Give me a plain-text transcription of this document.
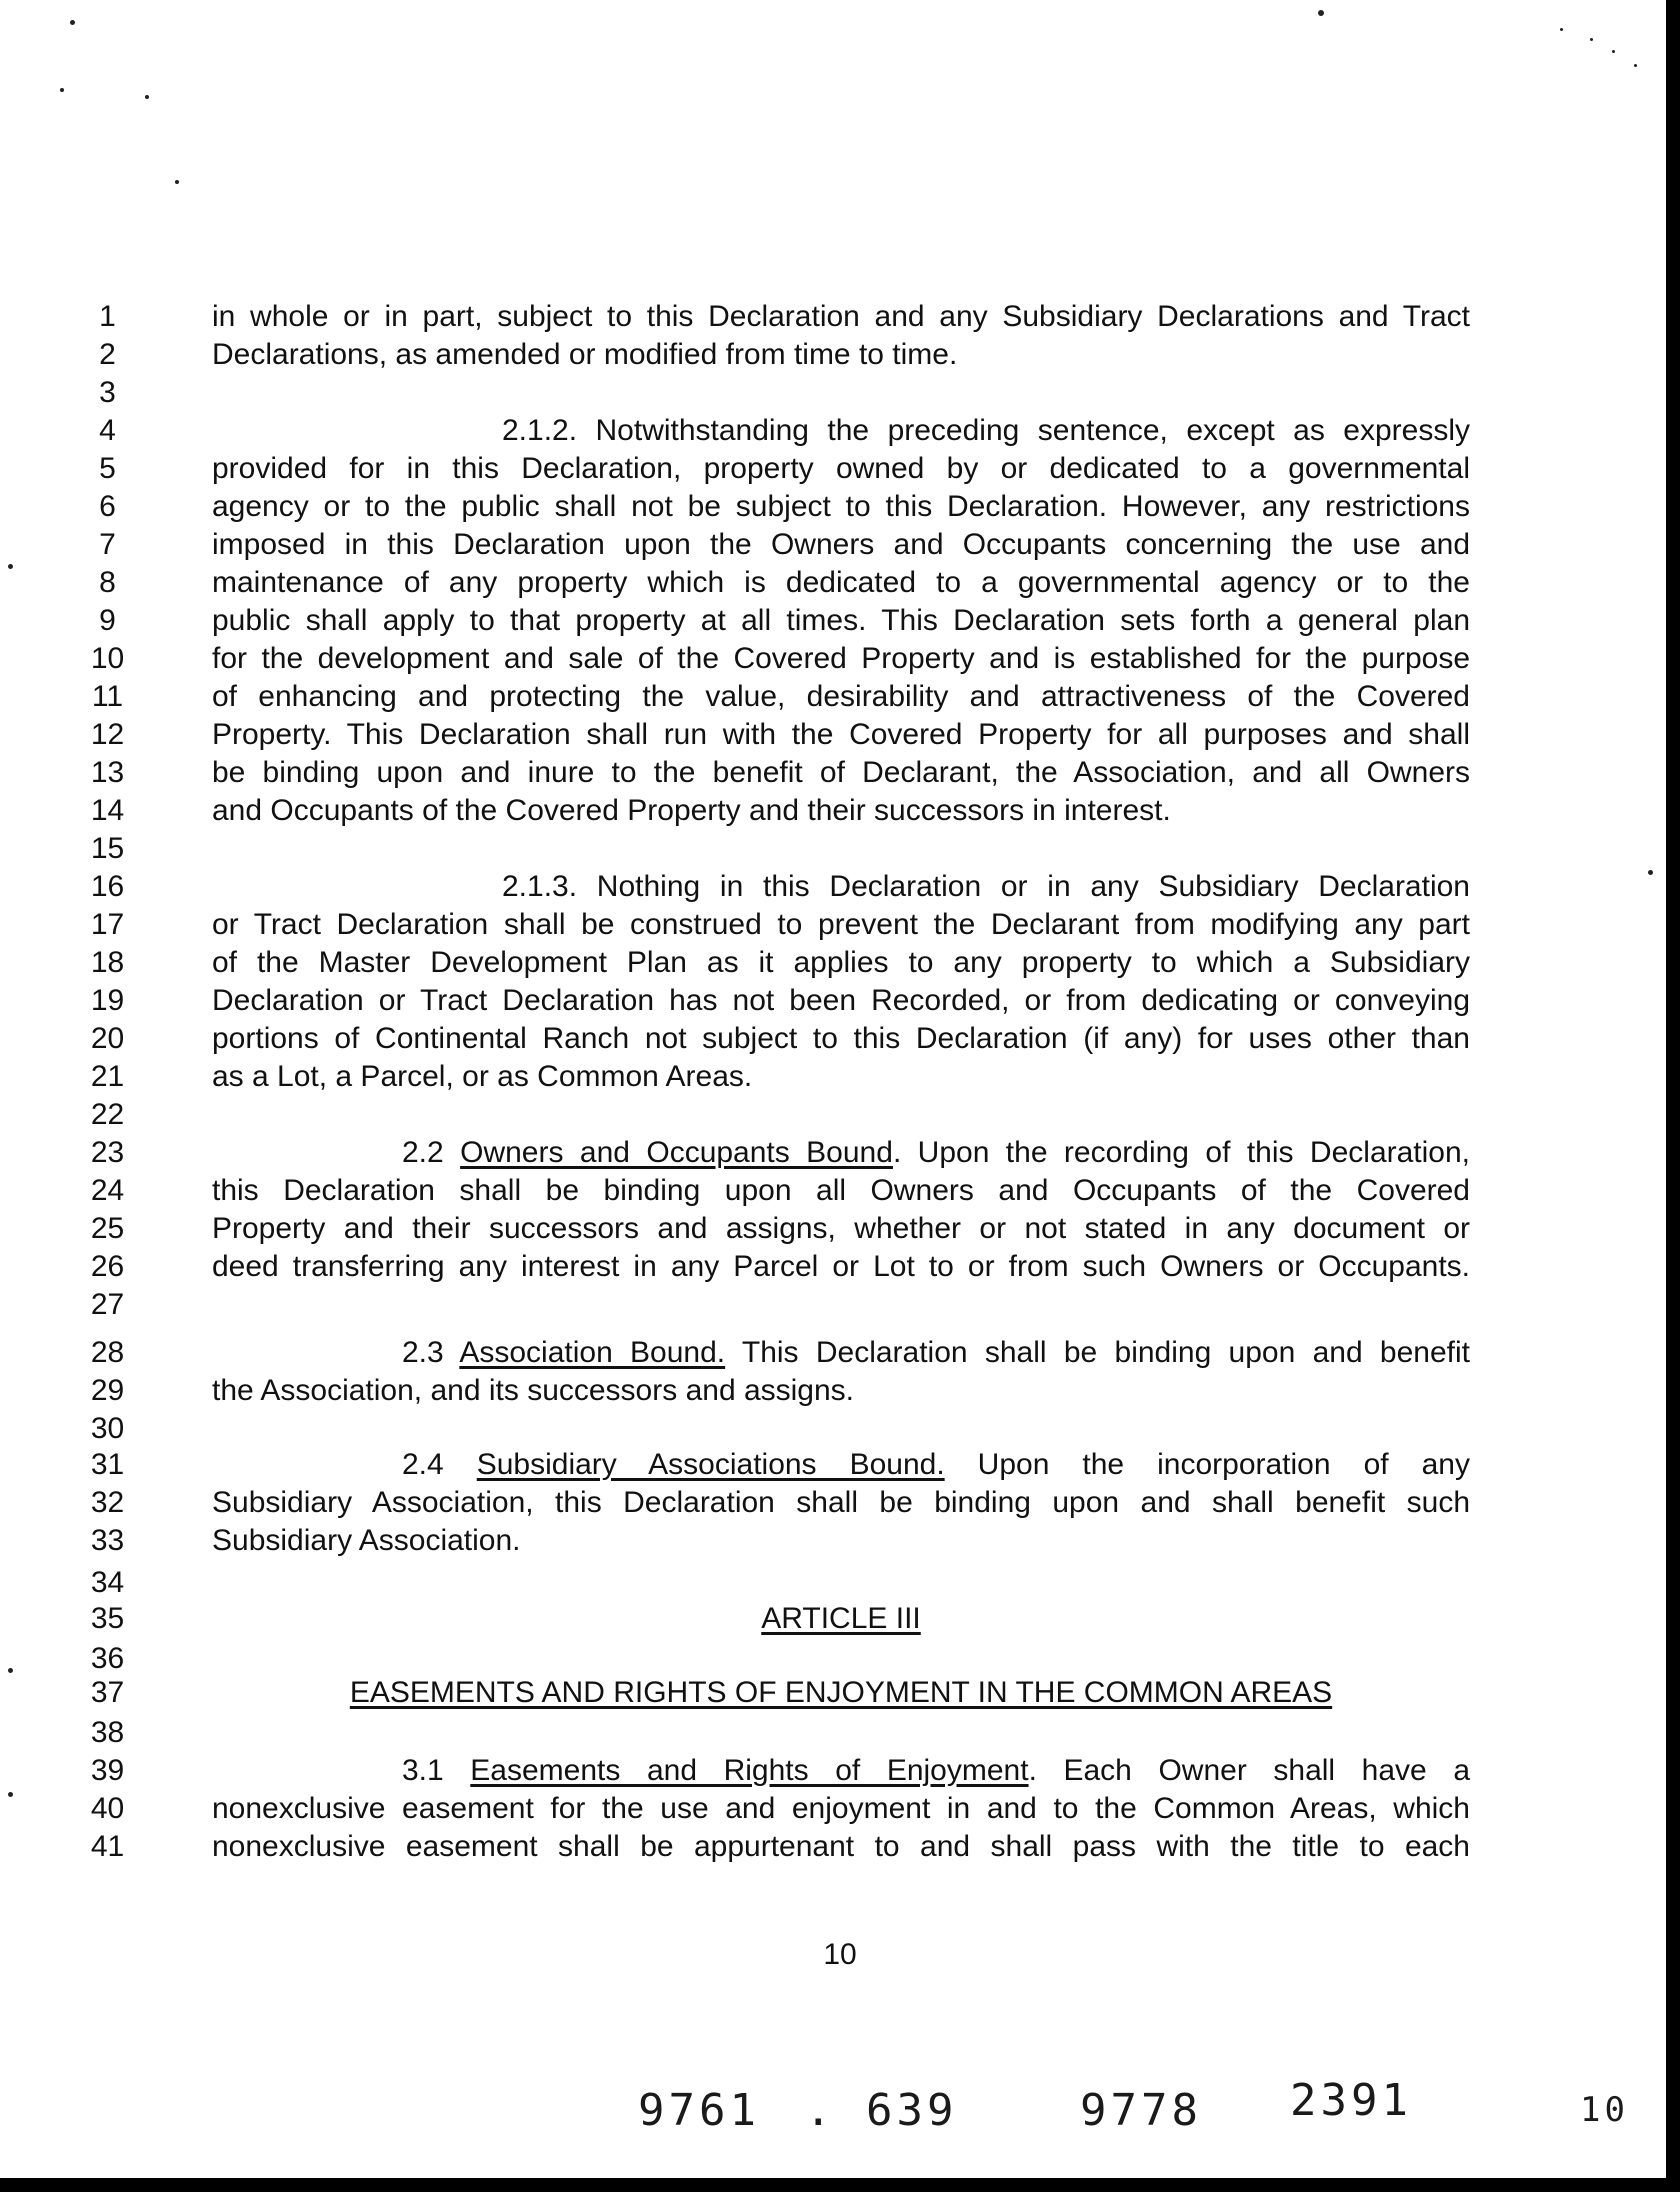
1	in whole or in part, subject to this Declaration and any Subsidiary Declarations and Tract
2	Declarations, as amended or modified from time to time.
3
4	2.1.2. Notwithstanding the preceding sentence, except as expressly
5	provided for in this Declaration, property owned by or dedicated to a governmental
6	agency or to the public shall not be subject to this Declaration. However, any restrictions
7	imposed in this Declaration upon the Owners and Occupants concerning the use and
8	maintenance of any property which is dedicated to a governmental agency or to the
9	public shall apply to that property at all times. This Declaration sets forth a general plan
10	for the development and sale of the Covered Property and is established for the purpose
11	of enhancing and protecting the value, desirability and attractiveness of the Covered
12	Property. This Declaration shall run with the Covered Property for all purposes and shall
13	be binding upon and inure to the benefit of Declarant, the Association, and all Owners
14	and Occupants of the Covered Property and their successors in interest.
15
16	2.1.3. Nothing in this Declaration or in any Subsidiary Declaration
17	or Tract Declaration shall be construed to prevent the Declarant from modifying any part
18	of the Master Development Plan as it applies to any property to which a Subsidiary
19	Declaration or Tract Declaration has not been Recorded, or from dedicating or conveying
20	portions of Continental Ranch not subject to this Declaration (if any) for uses other than
21	as a Lot, a Parcel, or as Common Areas.
22
23	2.2 Owners and Occupants Bound. Upon the recording of this Declaration,
24	this Declaration shall be binding upon all Owners and Occupants of the Covered
25	Property and their successors and assigns, whether or not stated in any document or
26	deed transferring any interest in any Parcel or Lot to or from such Owners or Occupants.
27
28	2.3 Association Bound. This Declaration shall be binding upon and benefit
29	the Association, and its successors and assigns.
30
31	2.4 Subsidiary Associations Bound. Upon the incorporation of any
32	Subsidiary Association, this Declaration shall be binding upon and shall benefit such
33	Subsidiary Association.
34
35	ARTICLE III
36
37	EASEMENTS AND RIGHTS OF ENJOYMENT IN THE COMMON AREAS
38
39	3.1 Easements and Rights of Enjoyment. Each Owner shall have a
40	nonexclusive easement for the use and enjoyment in and to the Common Areas, which
41	nonexclusive easement shall be appurtenant to and shall pass with the title to each
10
9761 . 639	9778 2391	10
